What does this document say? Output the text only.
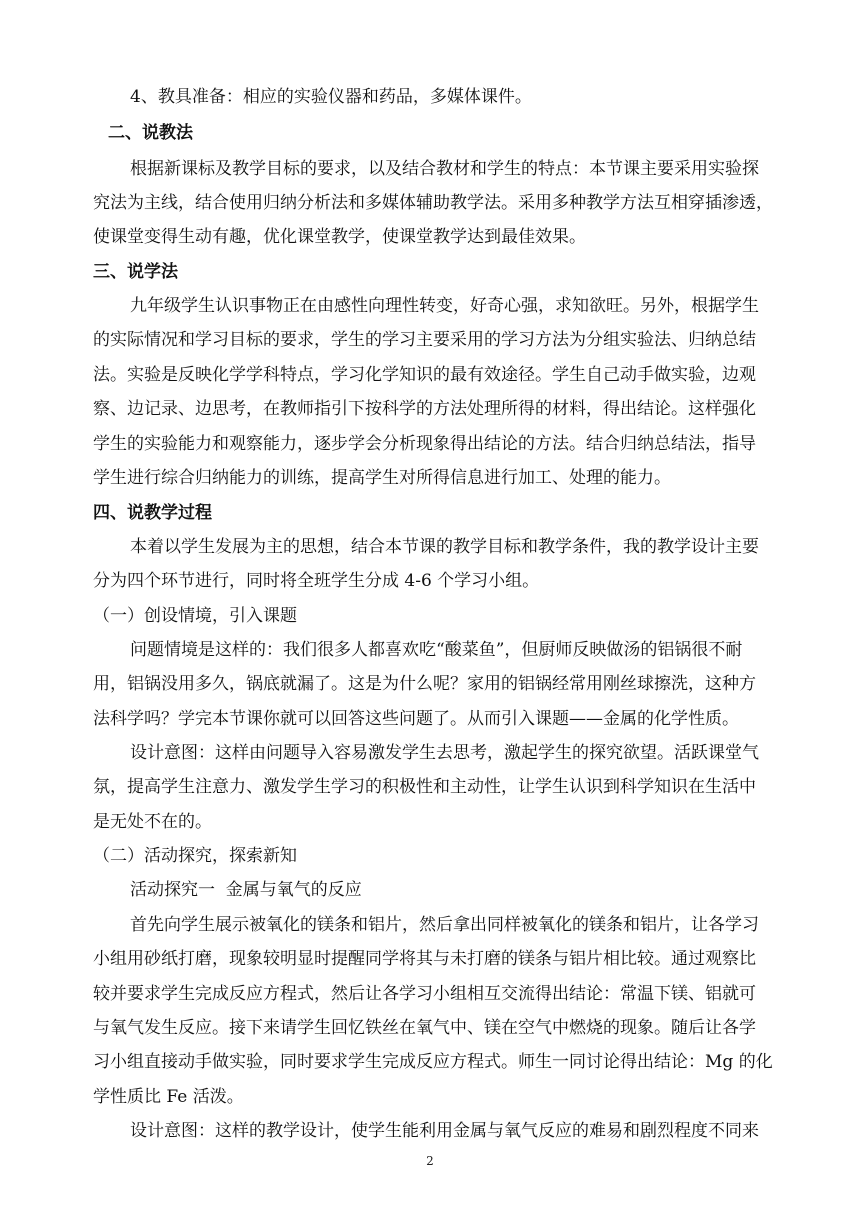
4、教具准备：相应的实验仪器和药品，多媒体课件。
二、说教法
根据新课标及教学目标的要求，以及结合教材和学生的特点：本节课主要采用实验探
究法为主线，结合使用归纳分析法和多媒体辅助教学法。采用多种教学方法互相穿插渗透，
使课堂变得生动有趣，优化课堂教学，使课堂教学达到最佳效果。
三、说学法
九年级学生认识事物正在由感性向理性转变，好奇心强，求知欲旺。另外，根据学生
的实际情况和学习目标的要求，学生的学习主要采用的学习方法为分组实验法、归纳总结
法。实验是反映化学学科特点，学习化学知识的最有效途径。学生自己动手做实验，边观
察、边记录、边思考，在教师指引下按科学的方法处理所得的材料，得出结论。这样强化
学生的实验能力和观察能力，逐步学会分析现象得出结论的方法。结合归纳总结法，指导
学生进行综合归纳能力的训练，提高学生对所得信息进行加工、处理的能力。
四、说教学过程
本着以学生发展为主的思想，结合本节课的教学目标和教学条件，我的教学设计主要
分为四个环节进行，同时将全班学生分成 4-6 个学习小组。
（一）创设情境，引入课题
问题情境是这样的：我们很多人都喜欢吃“酸菜鱼”，但厨师反映做汤的铝锅很不耐
用，铝锅没用多久，锅底就漏了。这是为什么呢？家用的铝锅经常用刚丝球擦洗，这种方
法科学吗？学完本节课你就可以回答这些问题了。从而引入课题——金属的化学性质。
设计意图：这样由问题导入容易激发学生去思考，激起学生的探究欲望。活跃课堂气
氛，提高学生注意力、激发学生学习的积极性和主动性，让学生认识到科学知识在生活中
是无处不在的。
（二）活动探究，探索新知
活动探究一  金属与氧气的反应
首先向学生展示被氧化的镁条和铝片，然后拿出同样被氧化的镁条和铝片，让各学习
小组用砂纸打磨，现象较明显时提醒同学将其与未打磨的镁条与铝片相比较。通过观察比
较并要求学生完成反应方程式，然后让各学习小组相互交流得出结论：常温下镁、铝就可
与氧气发生反应。接下来请学生回忆铁丝在氧气中、镁在空气中燃烧的现象。随后让各学
习小组直接动手做实验，同时要求学生完成反应方程式。师生一同讨论得出结论：Mg 的化
学性质比 Fe 活泼。
设计意图：这样的教学设计，使学生能利用金属与氧气反应的难易和剧烈程度不同来
2
